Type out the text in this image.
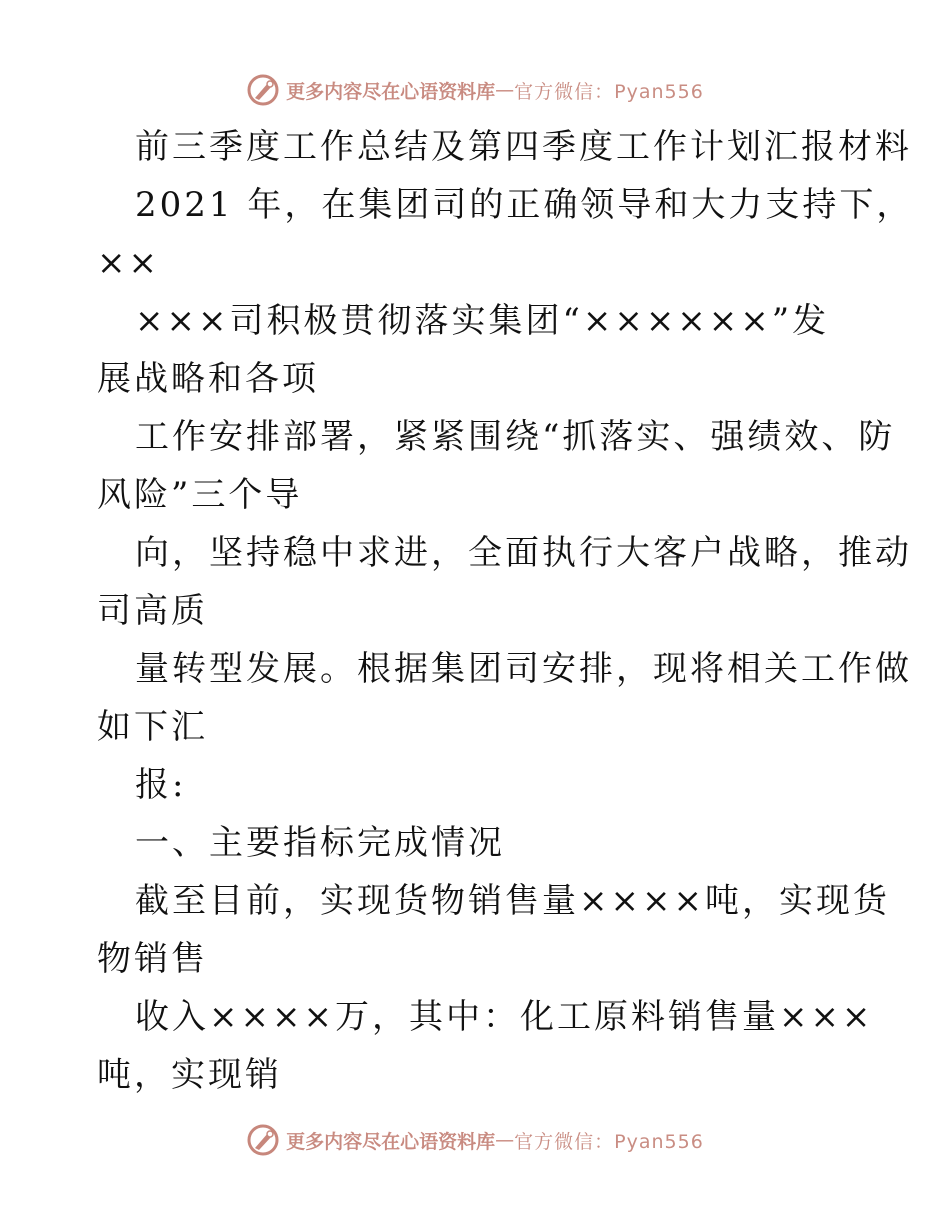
更多内容尽在心语资料库 — 官方微信：Pyan556
前三季度工作总结及第四季度工作计划汇报材料
2021 年，在集团司的正确领导和大力支持下，
××
×××司积极贯彻落实集团“××××××”发
展战略和各项
工作安排部署，紧紧围绕“抓落实、强绩效、防
风险”三个导
向，坚持稳中求进，全面执行大客户战略，推动
司高质
量转型发展。根据集团司安排，现将相关工作做
如下汇
报:
一、主要指标完成情况
截至目前，实现货物销售量××××吨，实现货
物销售
收入××××万，其中：化工原料销售量×××
吨，实现销
更多内容尽在心语资料库 — 官方微信：Pyan556
